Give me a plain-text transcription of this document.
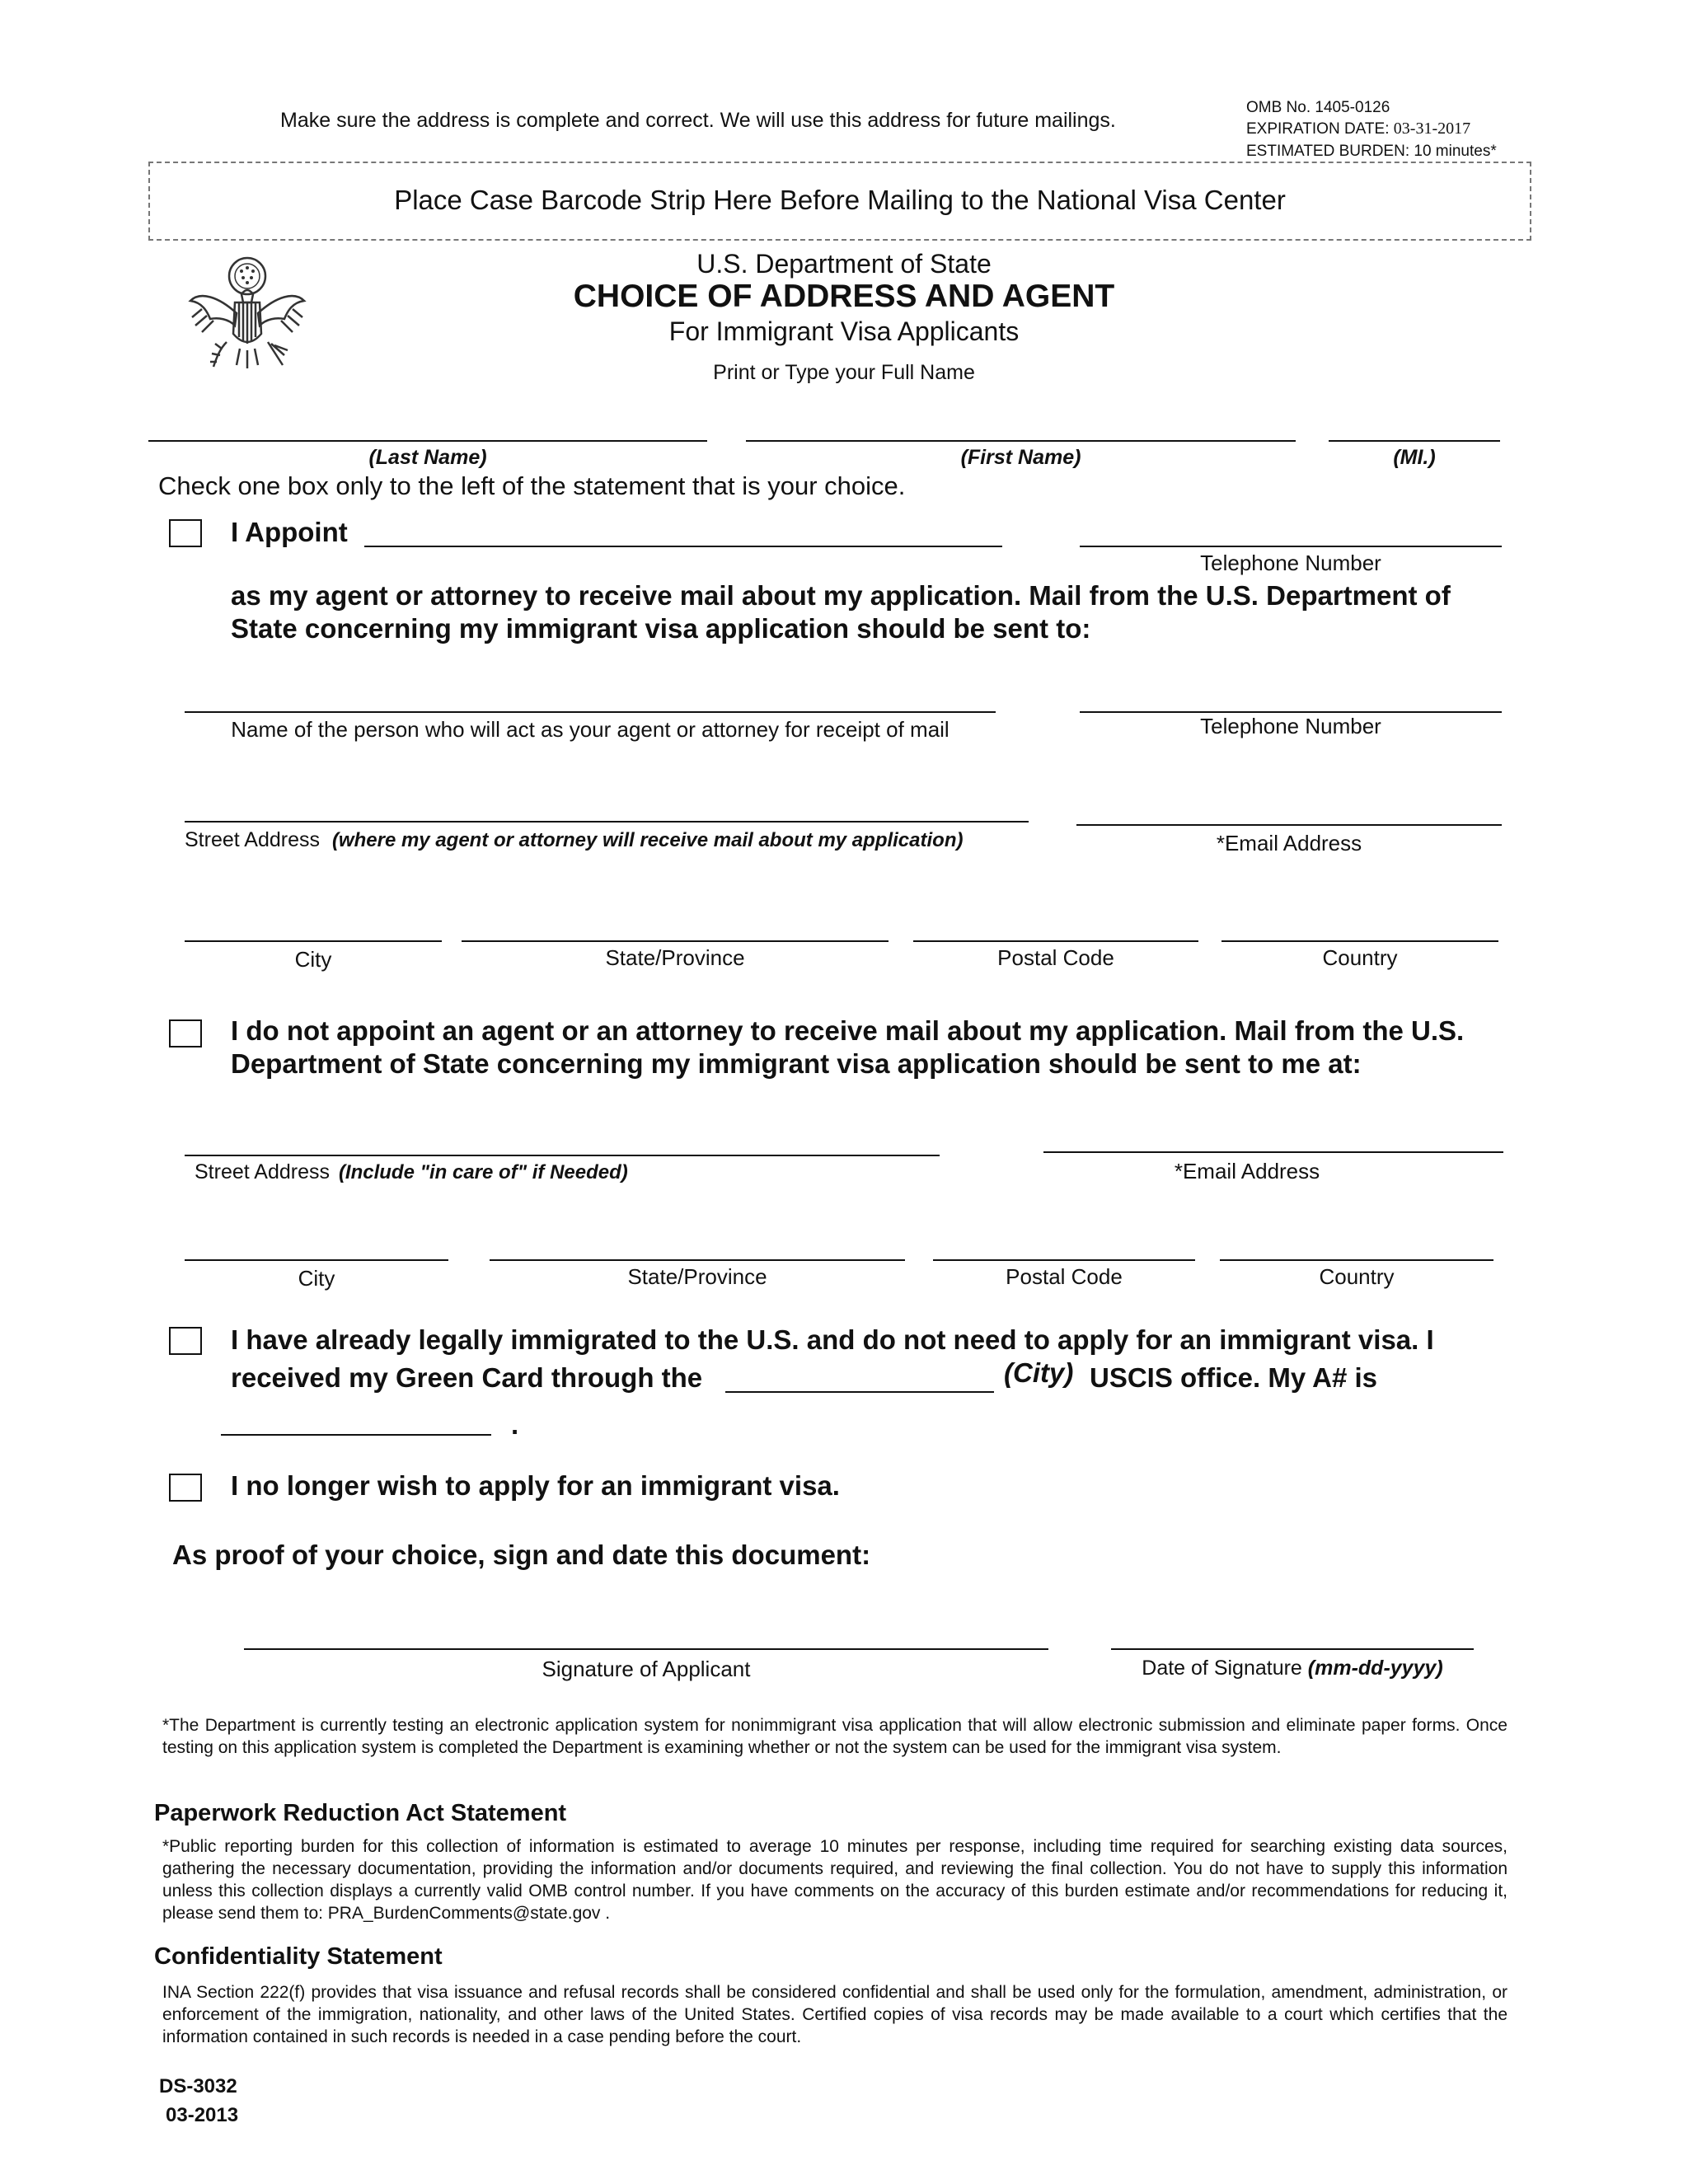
Make sure the address is complete and correct. We will use this address for future mailings.
OMB No. 1405-0126
EXPIRATION DATE: 03-31-2017
ESTIMATED BURDEN: 10 minutes*
Place Case Barcode Strip Here Before Mailing to the National Visa Center
U.S. Department of State
CHOICE OF ADDRESS AND AGENT
For Immigrant Visa Applicants
Print or Type your Full Name
(Last Name)	(First Name)	(MI.)
Check one box only to the left of the statement that is your choice.
I Appoint
Telephone Number
as my agent or attorney to receive mail about my application. Mail from the U.S. Department of
State concerning my immigrant visa application should be sent to:
Name of the person who will act as your agent or attorney for receipt of mail	Telephone Number
Street Address (where my agent or attorney will receive mail about my application)	*Email Address
City	State/Province	Postal Code	Country
I do not appoint an agent or an attorney to receive mail about my application. Mail from the U.S.
Department of State concerning my immigrant visa application should be sent to me at:
Street Address (Include "in care of" if Needed)	*Email Address
City	State/Province	Postal Code	Country
I have already legally immigrated to the U.S. and do not need to apply for an immigrant visa. I
received my Green Card through the	(City) USCIS office. My A# is
.
I no longer wish to apply for an immigrant visa.
As proof of your choice, sign and date this document:
Signature of Applicant	Date of Signature (mm-dd-yyyy)
*The Department is currently testing an electronic application system for nonimmigrant visa application that will allow electronic submission and eliminate paper forms. Once testing on this application system is completed the Department is examining whether or not the system can be used for the immigrant visa system.
Paperwork Reduction Act Statement
*Public reporting burden for this collection of information is estimated to average 10 minutes per response, including time required for searching existing data sources, gathering the necessary documentation, providing the information and/or documents required, and reviewing the final collection. You do not have to supply this information unless this collection displays a currently valid OMB control number. If you have comments on the accuracy of this burden estimate and/or recommendations for reducing it, please send them to: PRA_BurdenComments@state.gov .
Confidentiality Statement
INA Section 222(f) provides that visa issuance and refusal records shall be considered confidential and shall be used only for the formulation, amendment, administration, or enforcement of the immigration, nationality, and other laws of the United States. Certified copies of visa records may be made available to a court which certifies that the information contained in such records is needed in a case pending before the court.
DS-3032
03-2013
